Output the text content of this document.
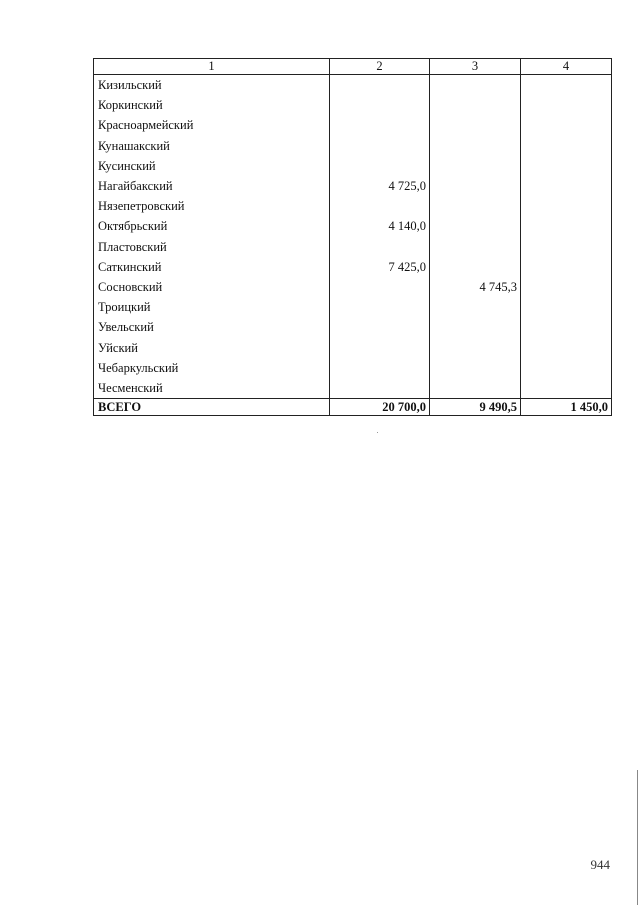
1	2	3	4
Кизильский			
Коркинский			
Красноармейский			
Кунашакский			
Кусинский			
Нагайбакский	4 725,0		
Нязепетровский			
Октябрьский	4 140,0		
Пластовский			
Саткинский	7 425,0		
Сосновский		4 745,3	
Троицкий			
Увельский			
Уйский			
Чебаркульский			
Чесменский			
ВСЕГО	20 700,0	9 490,5	1 450,0
944
